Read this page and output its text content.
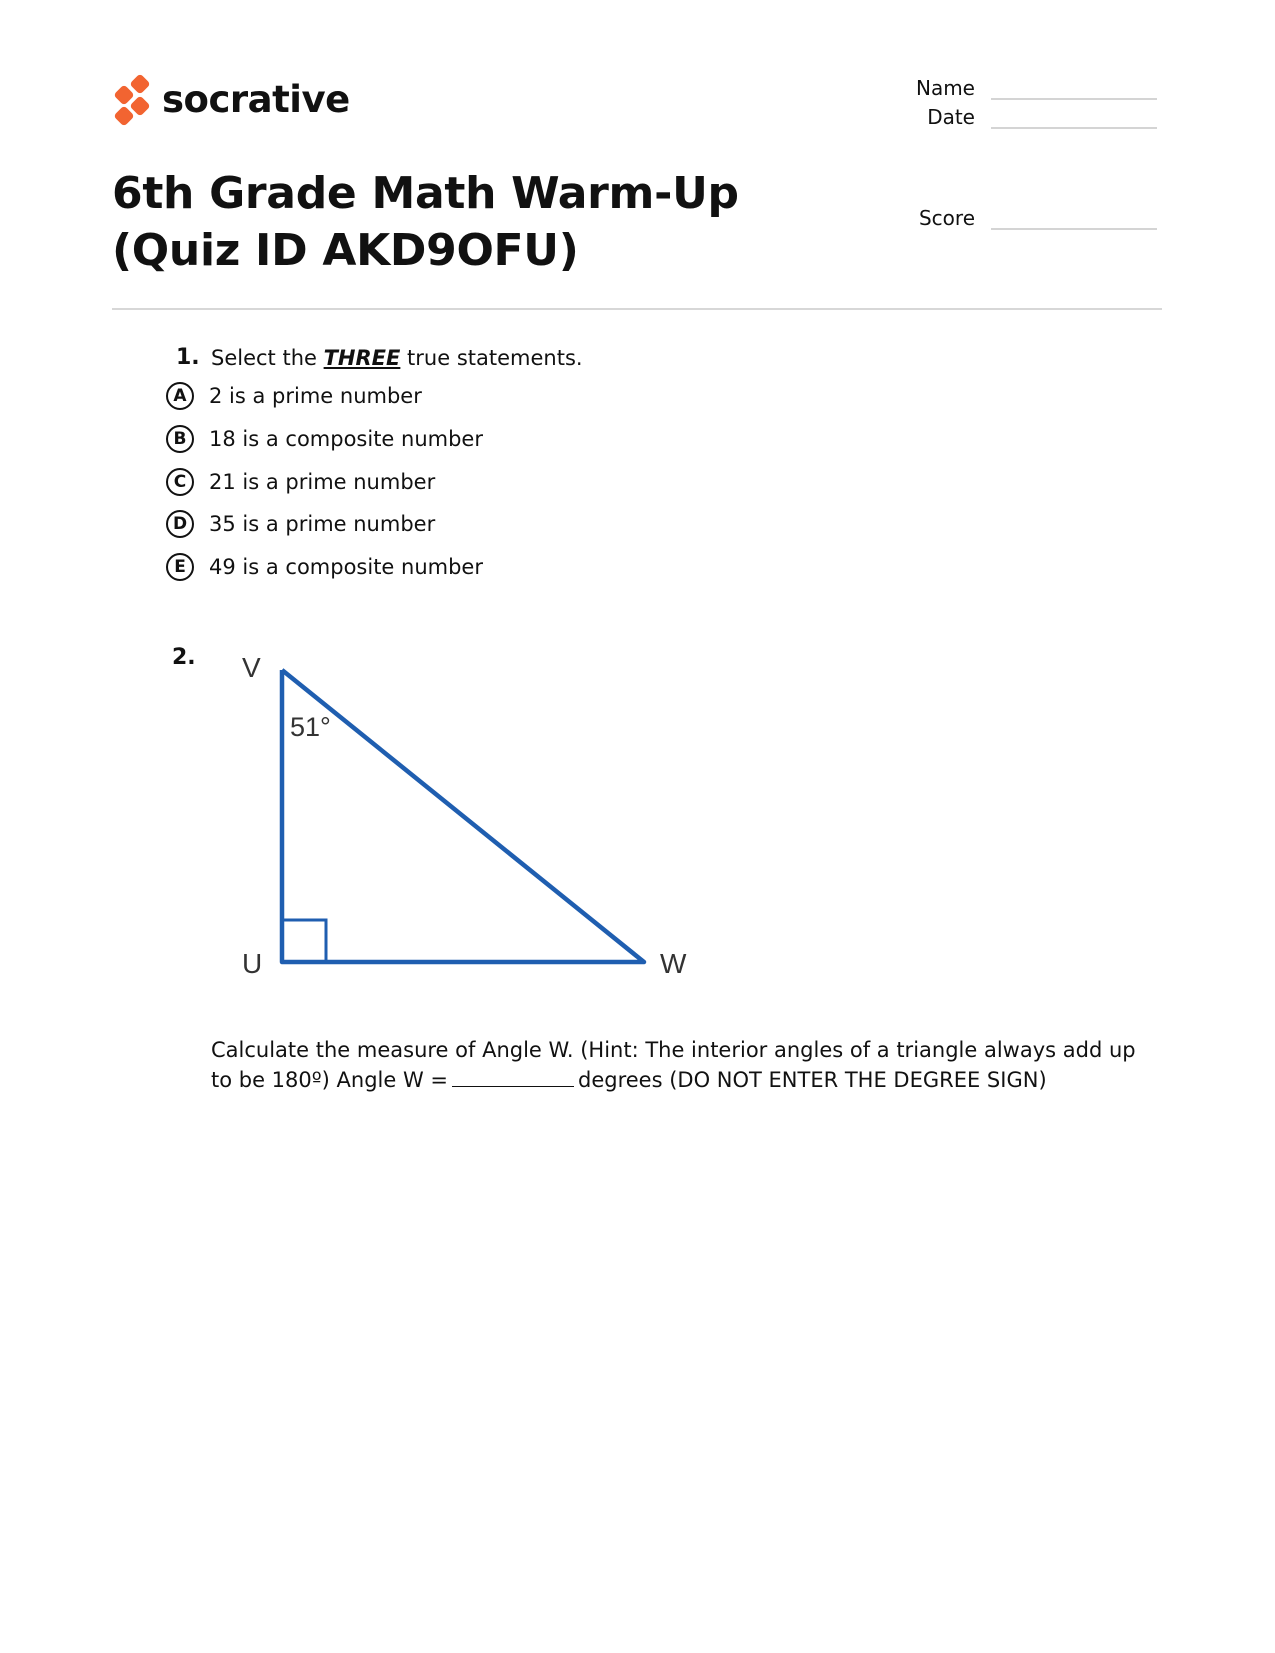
socrative	Name
Date
Score
6th Grade Math Warm-Up (Quiz ID AKD9OFU)
1. Select the THREE true statements.
A	2 is a prime number
B	18 is a composite number
C	21 is a prime number
D	35 is a prime number
E	49 is a composite number
2. V
U	W
51°
Calculate the measure of Angle W. (Hint: The interior angles of a triangle always add up to be 180º) Angle W =	degrees (DO NOT ENTER THE DEGREE SIGN)
